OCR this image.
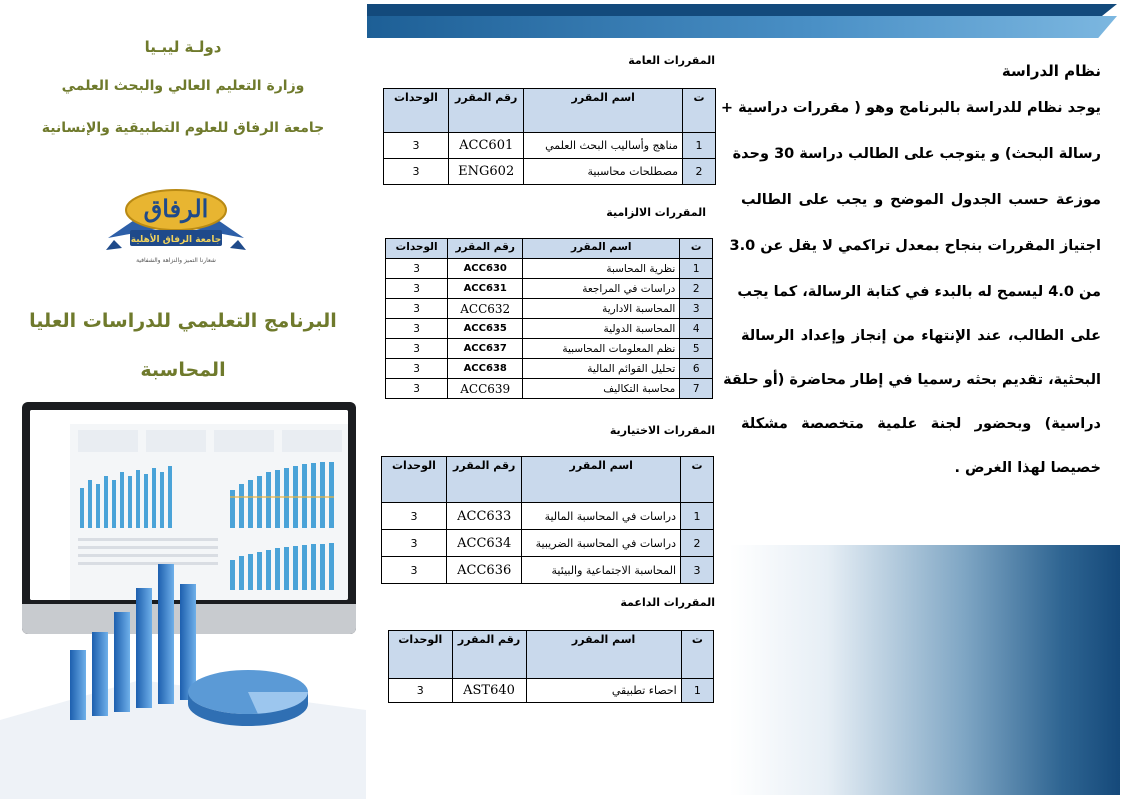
دولـة ليبـيا
وزارة التعليم العالي والبحث العلمي
جامعة الرفاق للعلوم التطبيقية والإنسانية
الرفاق
جامعة الرفاق الأهلية
شعارنا التميز والنزاهة والشفافية
البرنامج التعليمي للدراسات العليا
المحاسبة
المقررات العامة
ت	اسم المقرر	رقم المقرر	الوحدات
1	مناهج وأساليب البحث العلمي	ACC601	3
2	مصطلحات محاسبية	ENG602	3
المقررات الالزامية
ت	اسم المقرر	رقم المقرر	الوحدات
1	نظرية المحاسبة	ACC630	3
2	دراسات في المراجعة	ACC631	3
3	المحاسبة الادارية	ACC632	3
4	المحاسبة الدولية	ACC635	3
5	نظم المعلومات المحاسبية	ACC637	3
6	تحليل القوائم المالية	ACC638	3
7	محاسبة التكاليف	ACC639	3
المقررات الاختيارية
ت	اسم المقرر	رقم المقرر	الوحدات
1	دراسات في المحاسبة المالية	ACC633	3
2	دراسات في المحاسبة الضريبية	ACC634	3
3	المحاسبة الاجتماعية والبيئية	ACC636	3
المقررات الداعمة
ت	اسم المقرر	رقم المقرر	الوحدات
1	احصاء تطبيقي	AST640	3
نظام الدراسة
يوجد نظام للدراسة بالبرنامج وهو ( مقررات دراسية +
رسالة البحث) و يتوجب على الطالب دراسة 30 وحدة
موزعة حسب الجدول الموضح و يجب على الطالب
اجتياز المقررات بنجاح بمعدل تراكمي لا يقل عن 3.0
من 4.0 ليسمح له بالبدء في كتابة الرسالة، كما يجب
على الطالب، عند الإنتهاء من إنجاز وإعداد الرسالة
البحثية، تقديم بحثه رسميا في إطار محاضرة (أو حلقة
دراسية) وبحضور لجنة علمية متخصصة مشكلة
خصيصا لهذا الغرض .
